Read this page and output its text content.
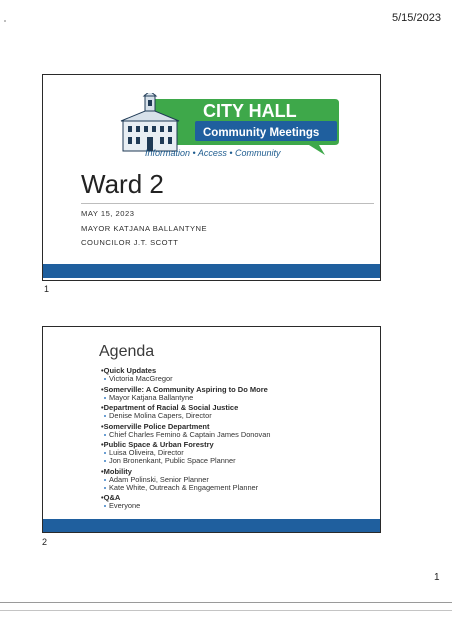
5/15/2023
CITY HALL
Community Meetings
Information • Access • Community
Ward 2
MAY 15, 2023
MAYOR KATJANA BALLANTYNE
COUNCILOR J.T. SCOTT
1
Agenda
•Quick Updates
Victoria MacGregor
•Somerville: A Community Aspiring to Do More
Mayor Katjana Ballantyne
•Department of Racial & Social Justice
Denise Molina Capers, Director
•Somerville Police Department
Chief Charles Femino & Captain James Donovan
•Public Space & Urban Forestry
Luisa Oliveira, Director
Jon Bronenkant, Public Space Planner
•Mobility
Adam Polinski, Senior Planner
Kate White, Outreach & Engagement Planner
•Q&A
Everyone
2
1
